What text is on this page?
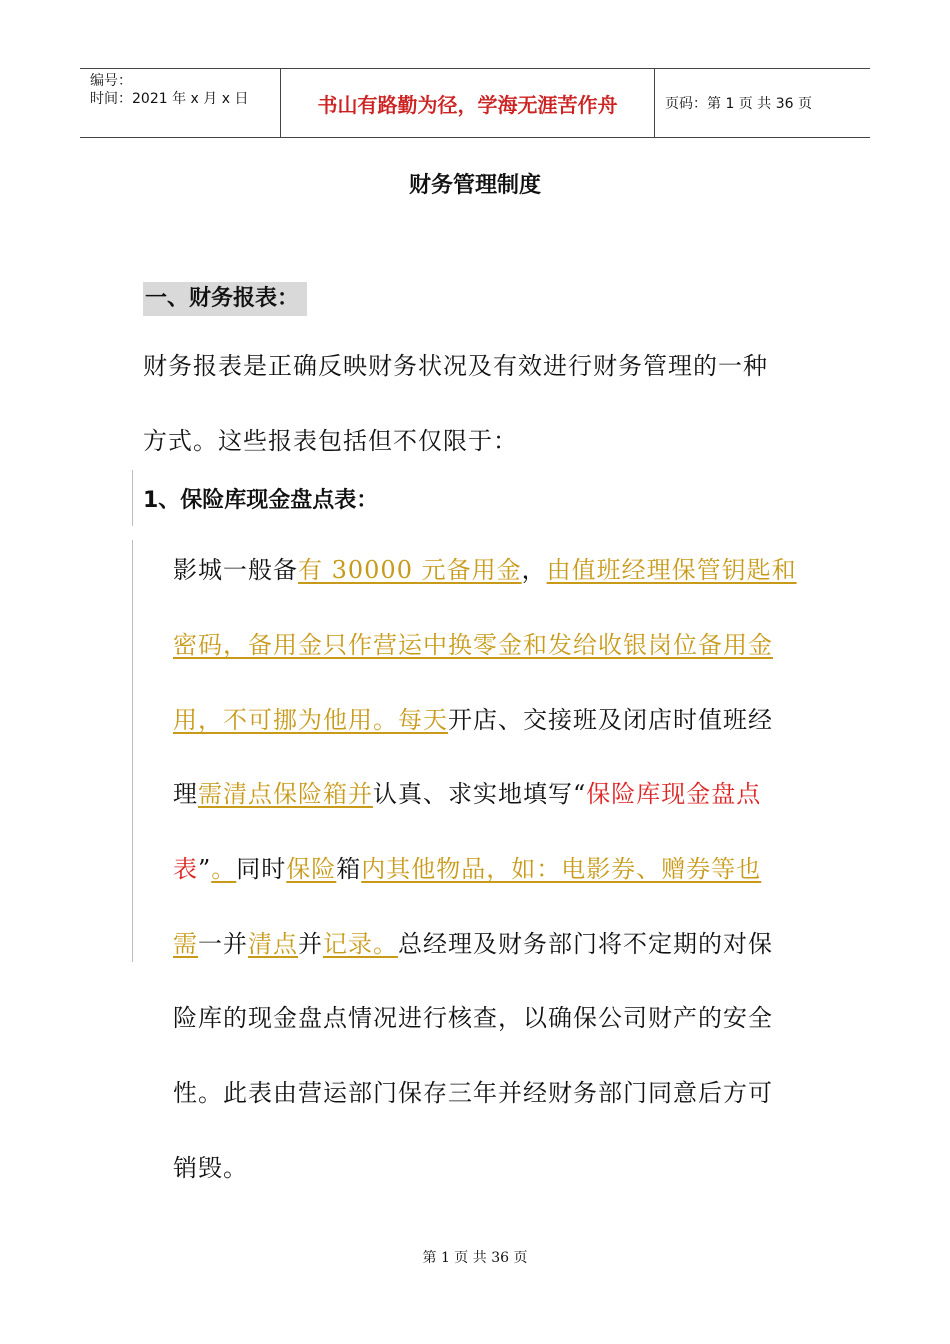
编号：
时间：2021 年 x 月 x 日	书山有路勤为径，学海无涯苦作舟	页码：第 1 页 共 36 页
财务管理制度
一、财务报表：
财务报表是正确反映财务状况及有效进行财务管理的一种
方式。这些报表包括但不仅限于：
1、保险库现金盘点表：
影城一般备有 30000 元备用金，由值班经理保管钥匙和
密码，备用金只作营运中换零金和发给收银岗位备用金
用，不可挪为他用。每天开店、交接班及闭店时值班经
理需清点保险箱并认真、求实地填写“保险库现金盘点
表”。同时保险箱内其他物品，如：电影券、赠券等也
需一并清点并记录。总经理及财务部门将不定期的对保
险库的现金盘点情况进行核查，以确保公司财产的安全
性。此表由营运部门保存三年并经财务部门同意后方可
销毁。
第 1 页 共 36 页
